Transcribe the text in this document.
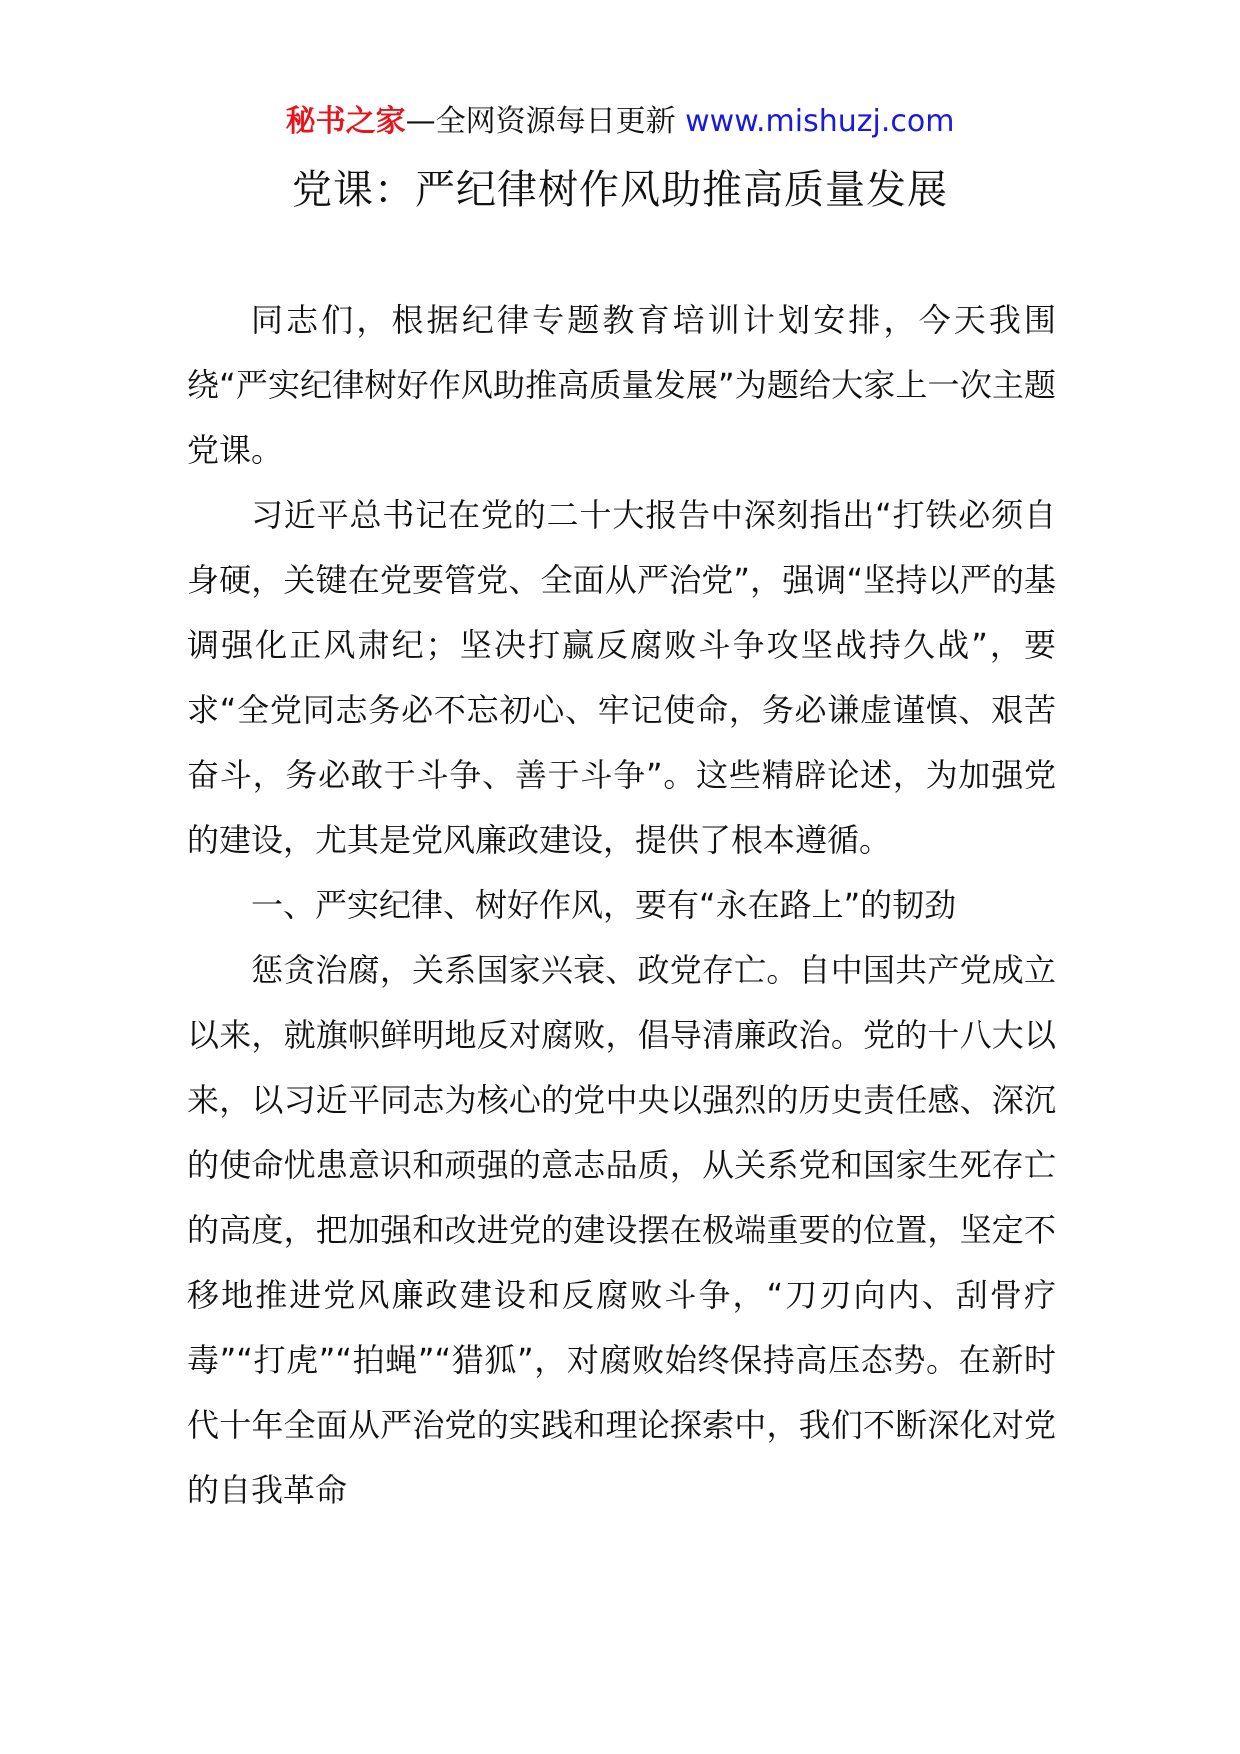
秘书之家—全网资源每日更新 www.mishuzj.com
党课：严纪律树作风助推高质量发展

同志们，根据纪律专题教育培训计划安排，今天我围绕“严实纪律树好作风助推高质量发展”为题给大家上一次主题党课。

习近平总书记在党的二十大报告中深刻指出“打铁必须自身硬，关键在党要管党、全面从严治党”，强调“坚持以严的基调强化正风肃纪；坚决打赢反腐败斗争攻坚战持久战”，要求“全党同志务必不忘初心、牢记使命，务必谦虚谨慎、艰苦奋斗，务必敢于斗争、善于斗争”。这些精辟论述，为加强党的建设，尤其是党风廉政建设，提供了根本遵循。

一、严实纪律、树好作风，要有“永在路上”的韧劲

惩贪治腐，关系国家兴衰、政党存亡。自中国共产党成立以来，就旗帜鲜明地反对腐败，倡导清廉政治。党的十八大以来，以习近平同志为核心的党中央以强烈的历史责任感、深沉的使命忧患意识和顽强的意志品质，从关系党和国家生死存亡的高度，把加强和改进党的建设摆在极端重要的位置，坚定不移地推进党风廉政建设和反腐败斗争，“刀刃向内、刮骨疗毒”“打虎”“拍蝇”“猎狐”，对腐败始终保持高压态势。在新时代十年全面从严治党的实践和理论探索中，我们不断深化对党的自我革命
